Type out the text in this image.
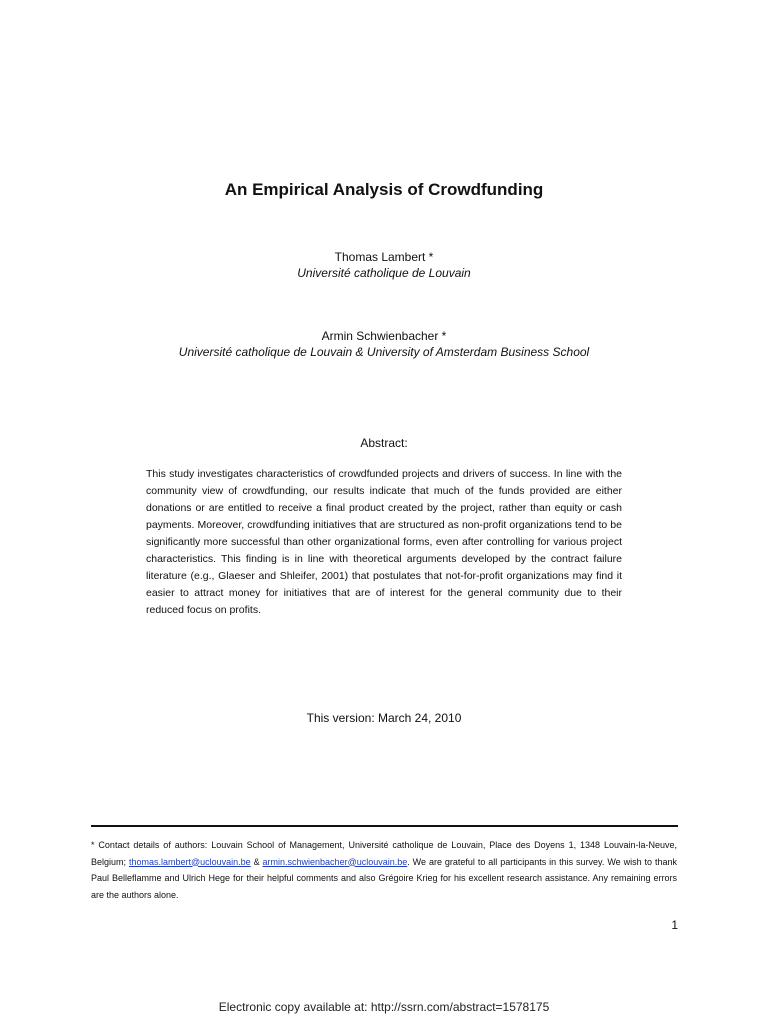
An Empirical Analysis of Crowdfunding
Thomas Lambert *
Université catholique de Louvain
Armin Schwienbacher *
Université catholique de Louvain & University of Amsterdam Business School
Abstract:
This study investigates characteristics of crowdfunded projects and drivers of success. In line with the community view of crowdfunding, our results indicate that much of the funds provided are either donations or are entitled to receive a final product created by the project, rather than equity or cash payments. Moreover, crowdfunding initiatives that are structured as non-profit organizations tend to be significantly more successful than other organizational forms, even after controlling for various project characteristics. This finding is in line with theoretical arguments developed by the contract failure literature (e.g., Glaeser and Shleifer, 2001) that postulates that not-for-profit organizations may find it easier to attract money for initiatives that are of interest for the general community due to their reduced focus on profits.
This version: March 24, 2010
* Contact details of authors: Louvain School of Management, Université catholique de Louvain, Place des Doyens 1, 1348 Louvain-la-Neuve, Belgium; thomas.lambert@uclouvain.be & armin.schwienbacher@uclouvain.be. We are grateful to all participants in this survey. We wish to thank Paul Belleflamme and Ulrich Hege for their helpful comments and also Grégoire Krieg for his excellent research assistance. Any remaining errors are the authors alone.
1
Electronic copy available at: http://ssrn.com/abstract=1578175
